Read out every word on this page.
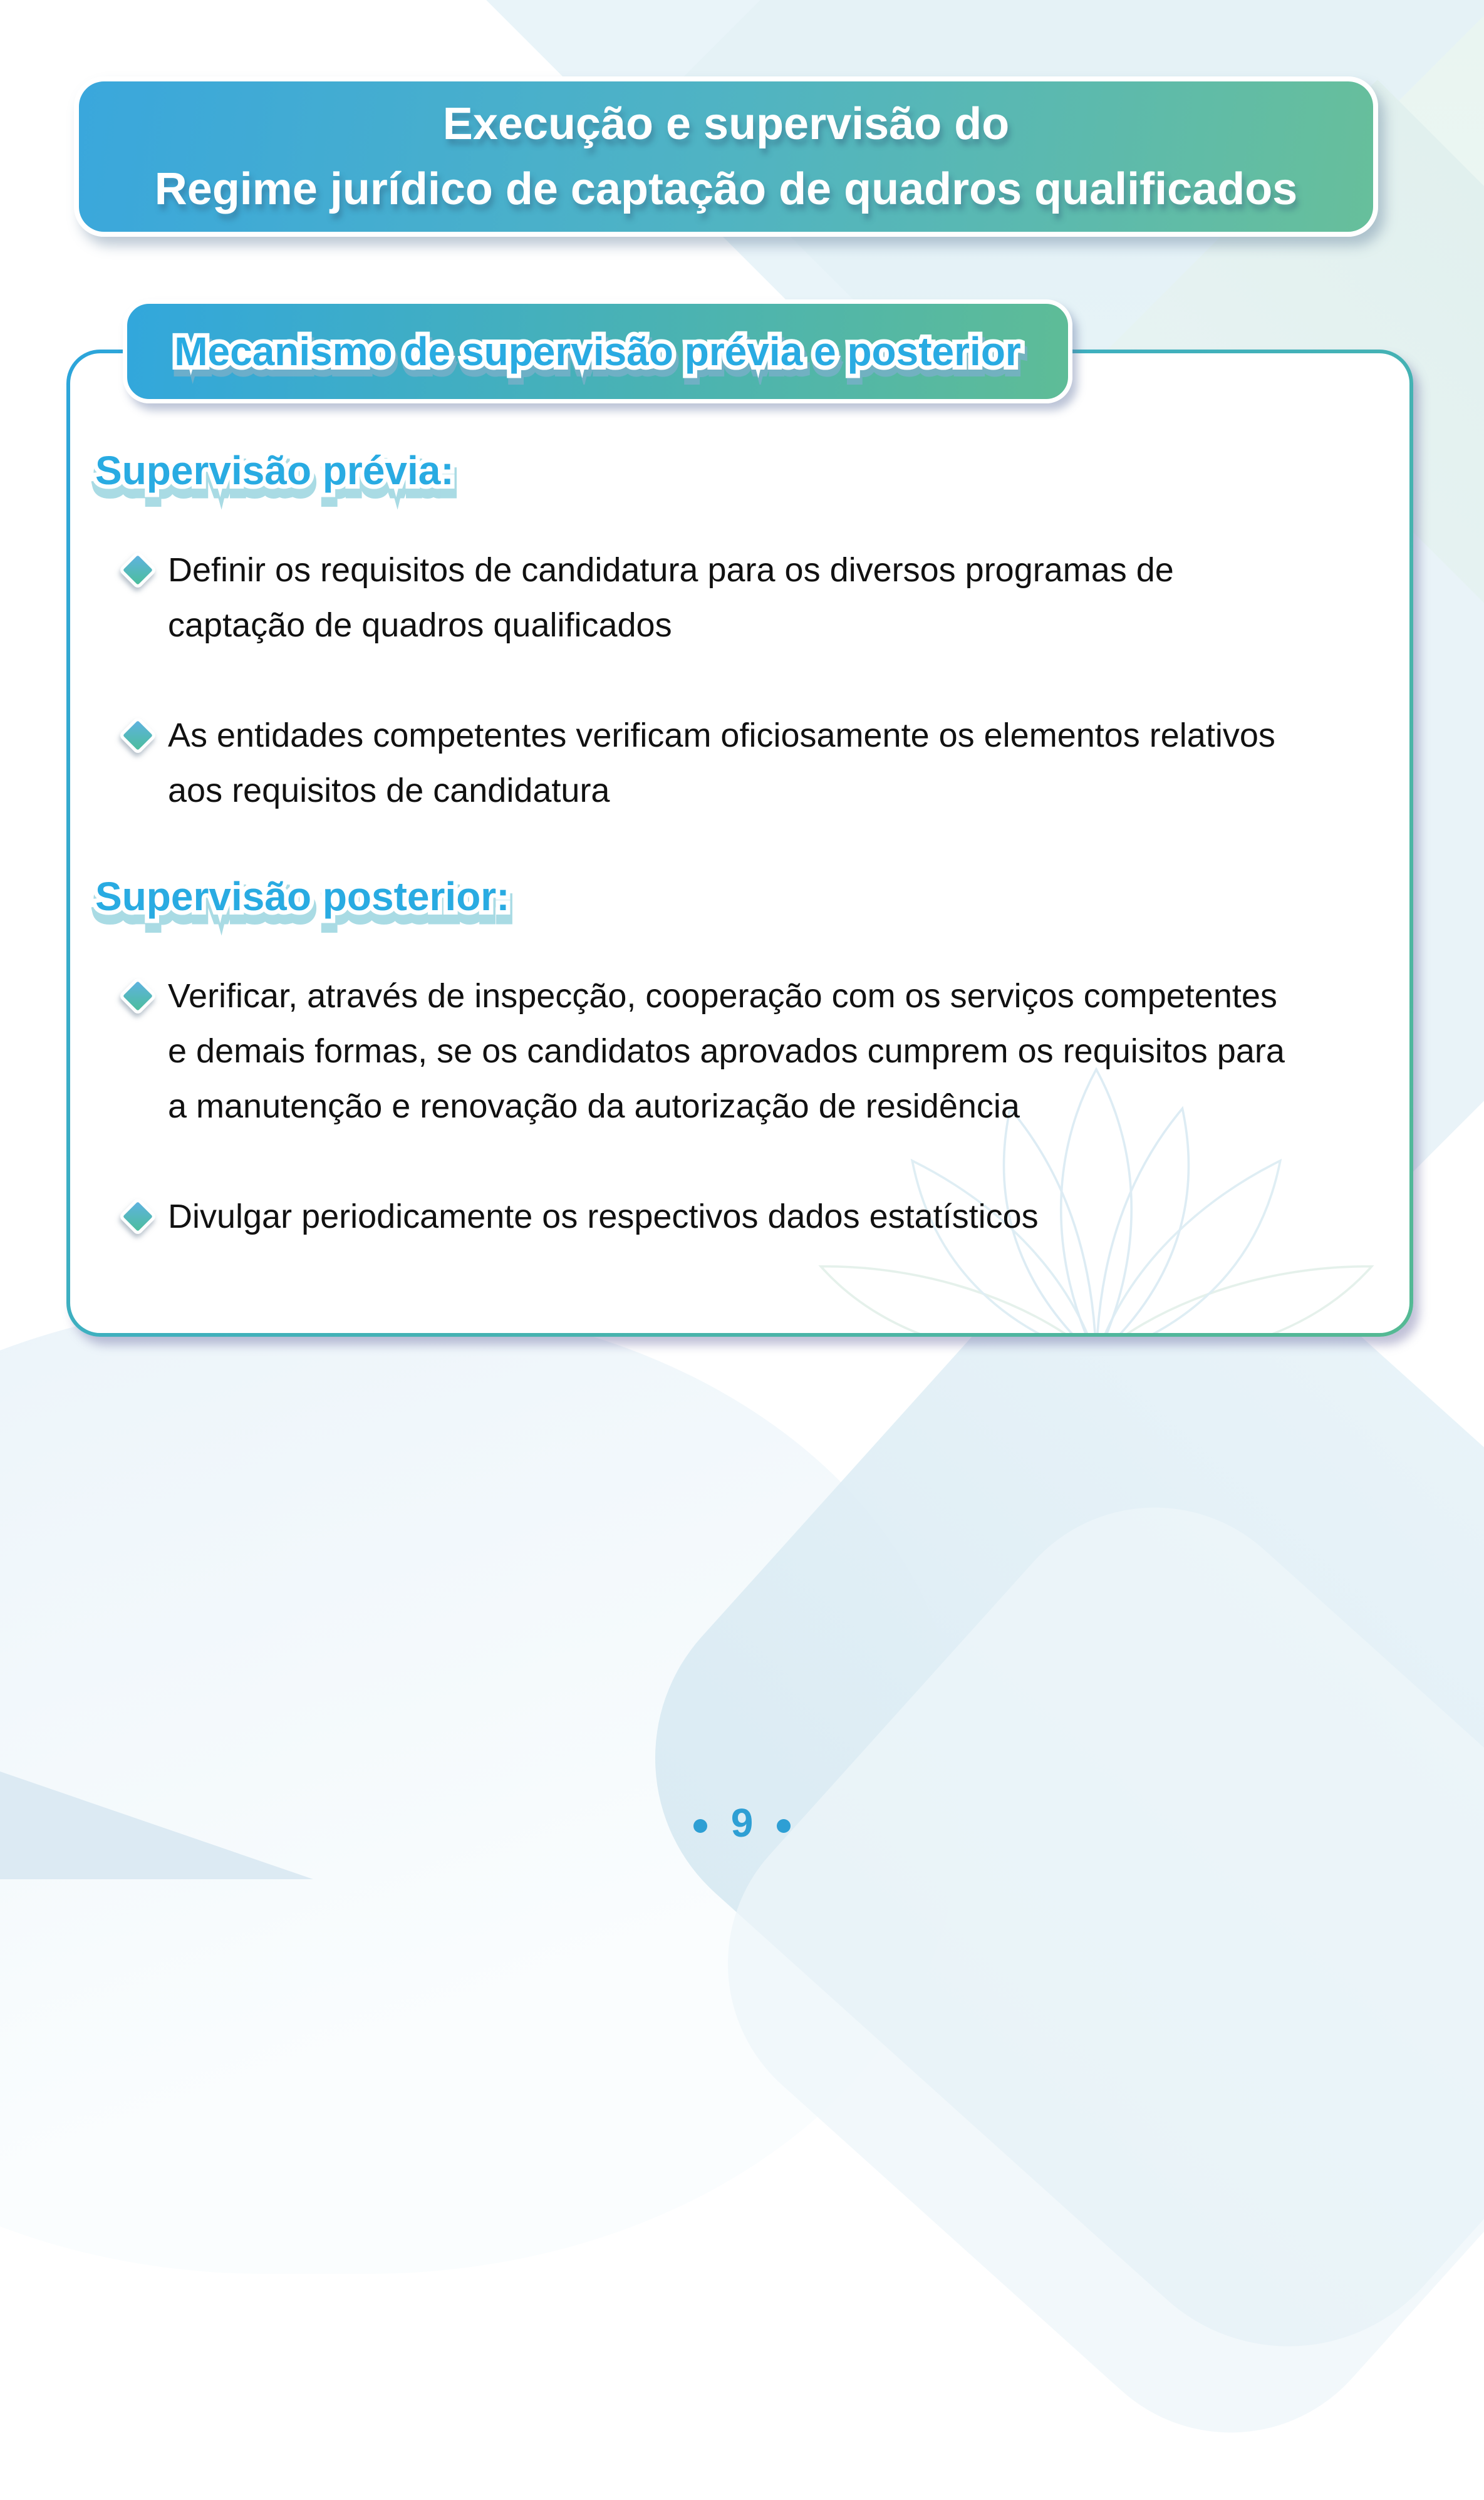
Execução e supervisão do
Regime jurídico de captação de quadros qualificados
Mecanismo de supervisão prévia e posterior Mecanismo de supervisão prévia e posterior Mecanismo de supervisão prévia e posterior
Supervisão prévia: Supervisão prévia: Supervisão prévia:
Definir os requisitos de candidatura para os diversos programas de captação de quadros qualificados
As entidades competentes verificam oficiosamente os elementos relativos aos requisitos de candidatura
Supervisão posterior: Supervisão posterior: Supervisão posterior:
Verificar, através de inspecção, cooperação com os serviços competentes e demais formas, se os candidatos aprovados cumprem os requisitos para a manutenção e renovação da autorização de residência
Divulgar periodicamente os respectivos dados estatísticos
9
